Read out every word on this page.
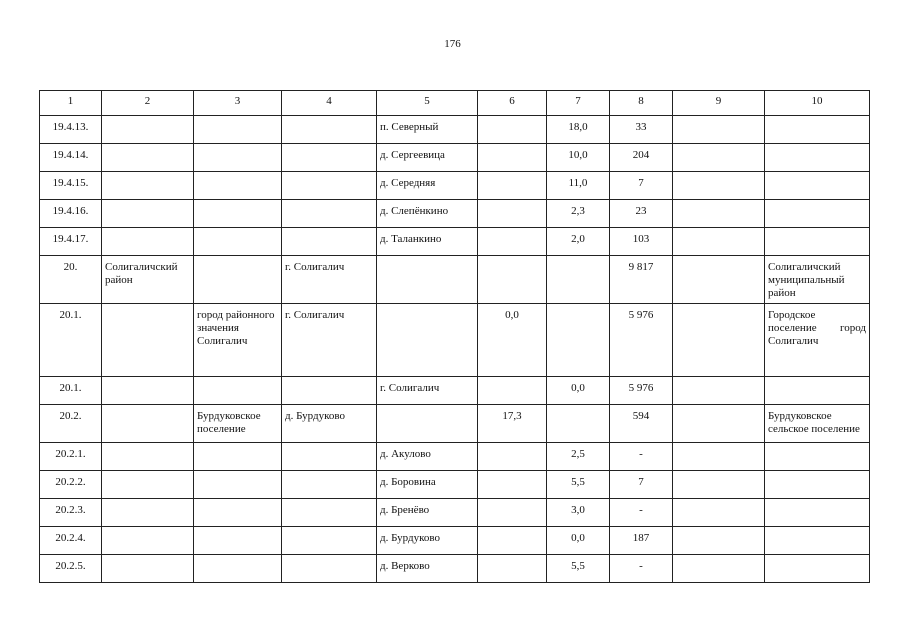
176
1	2	3	4	5	6	7	8	9	10
19.4.13.				п. Северный		18,0	33		
19.4.14.				д. Сергеевица		10,0	204		
19.4.15.				д. Середняя		11,0	7		
19.4.16.				д. Слепёнкино		2,3	23		
19.4.17.				д. Таланкино		2,0	103		
20.	Солигаличский район		г. Солигалич				9 817		Солигаличский муниципальный район
20.1.		город районного значения Солигалич	г. Солигалич		0,0		5 976		Городское поселение город Солигалич
20.1.				г. Солигалич		0,0	5 976		
20.2.		Бурдуковское поселение	д. Бурдуково		17,3		594		Бурдуковское сельское поселение
20.2.1.				д. Акулово		2,5	-		
20.2.2.				д. Боровина		5,5	7		
20.2.3.				д. Бренёво		3,0	-		
20.2.4.				д. Бурдуково		0,0	187		
20.2.5.				д. Верково		5,5	-		
